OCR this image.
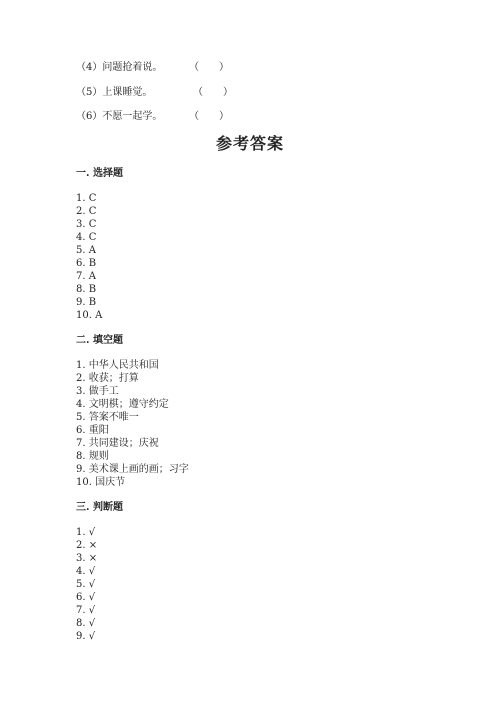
（4）问题抢着说。	（　　）
（5）上课睡觉。	（　　）
（6）不愿一起学。	（　　）
参考答案
一. 选择题
1. C
2. C
3. C
4. C
5. A
6. B
7. A
8. B
9. B
10. A
二. 填空题
1. 中华人民共和国
2. 收获；打算
3. 做手工
4. 文明棋；遵守约定
5. 答案不唯一
6. 重阳
7. 共同建设；庆祝
8. 规则
9. 美术课上画的画；习字
10. 国庆节
三. 判断题
1. √
2. ×
3. ×
4. √
5. √
6. √
7. √
8. √
9. √
